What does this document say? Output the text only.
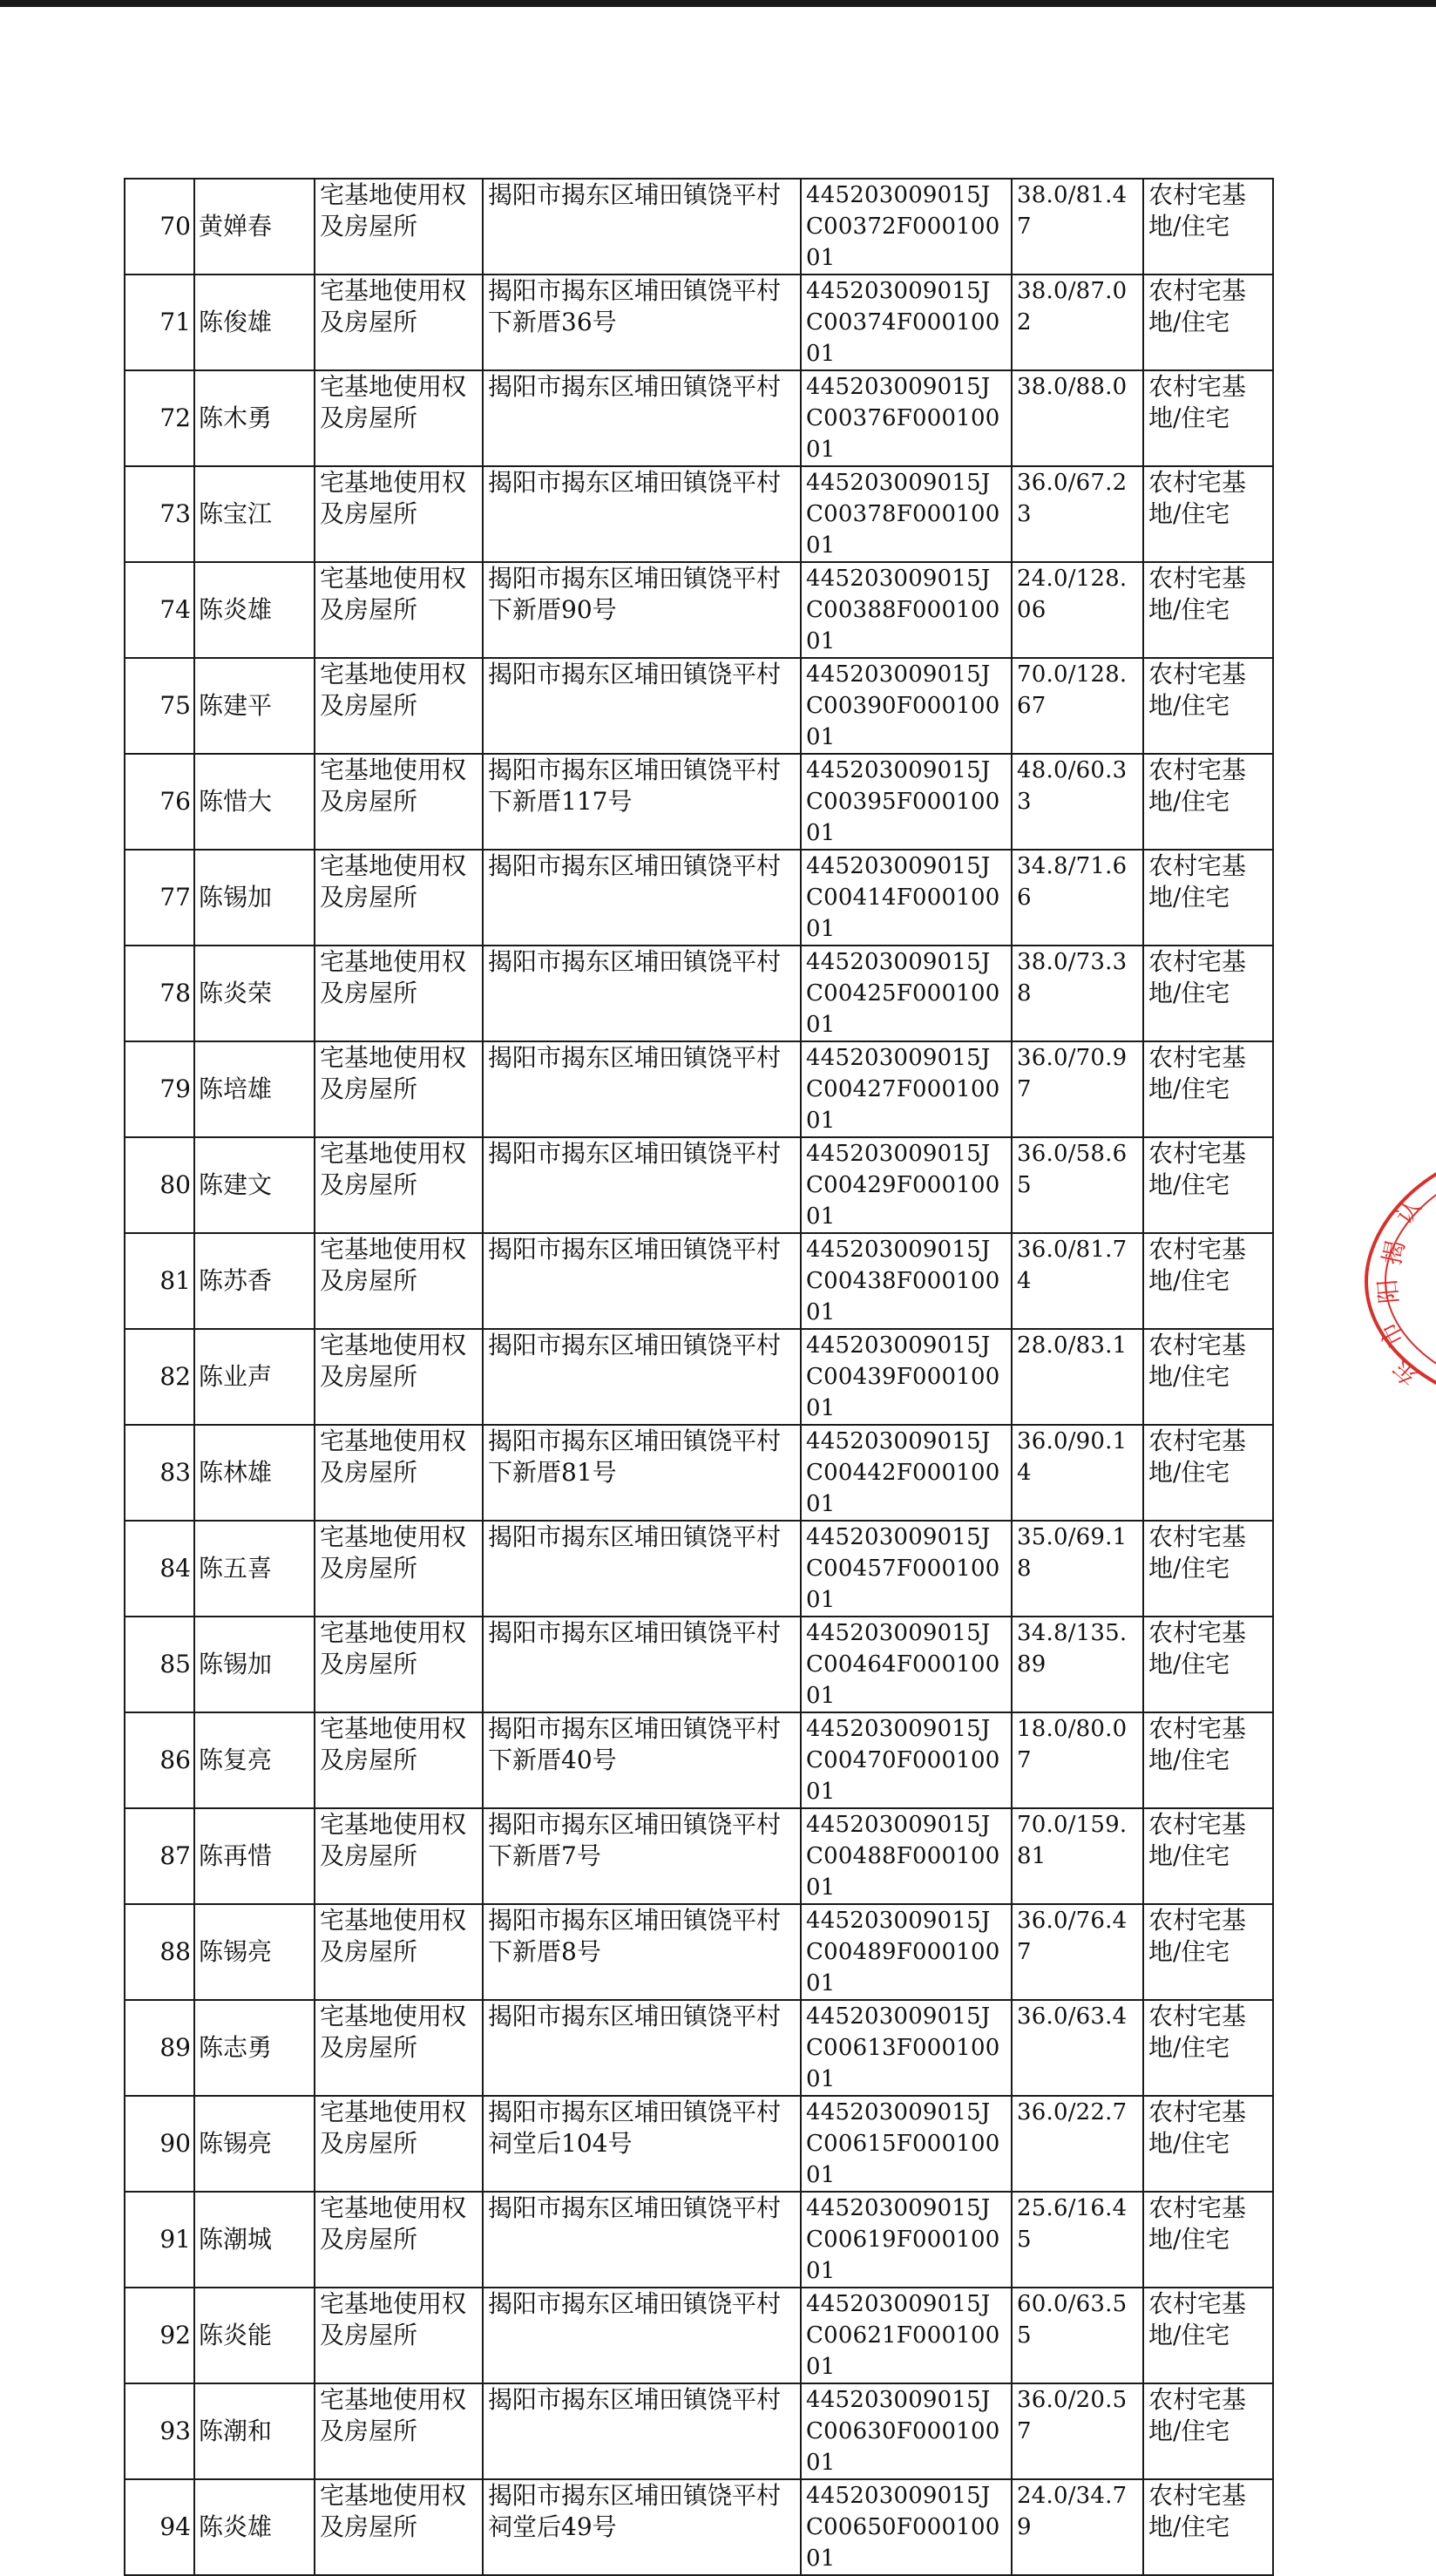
70	黄婵春	宅基地使用权及房屋所	揭阳市揭东区埔田镇饶平村	445203009015JC00372F00010001	38.0/81.47	农村宅基地/住宅
71	陈俊雄	宅基地使用权及房屋所	揭阳市揭东区埔田镇饶平村下新厝36号	445203009015JC00374F00010001	38.0/87.02	农村宅基地/住宅
72	陈木勇	宅基地使用权及房屋所	揭阳市揭东区埔田镇饶平村	445203009015JC00376F00010001	38.0/88.0	农村宅基地/住宅
73	陈宝江	宅基地使用权及房屋所	揭阳市揭东区埔田镇饶平村	445203009015JC00378F00010001	36.0/67.23	农村宅基地/住宅
74	陈炎雄	宅基地使用权及房屋所	揭阳市揭东区埔田镇饶平村下新厝90号	445203009015JC00388F00010001	24.0/128.06	农村宅基地/住宅
75	陈建平	宅基地使用权及房屋所	揭阳市揭东区埔田镇饶平村	445203009015JC00390F00010001	70.0/128.67	农村宅基地/住宅
76	陈惜大	宅基地使用权及房屋所	揭阳市揭东区埔田镇饶平村下新厝117号	445203009015JC00395F00010001	48.0/60.33	农村宅基地/住宅
77	陈锡加	宅基地使用权及房屋所	揭阳市揭东区埔田镇饶平村	445203009015JC00414F00010001	34.8/71.66	农村宅基地/住宅
78	陈炎荣	宅基地使用权及房屋所	揭阳市揭东区埔田镇饶平村	445203009015JC00425F00010001	38.0/73.38	农村宅基地/住宅
79	陈培雄	宅基地使用权及房屋所	揭阳市揭东区埔田镇饶平村	445203009015JC00427F00010001	36.0/70.97	农村宅基地/住宅
80	陈建文	宅基地使用权及房屋所	揭阳市揭东区埔田镇饶平村	445203009015JC00429F00010001	36.0/58.65	农村宅基地/住宅
81	陈苏香	宅基地使用权及房屋所	揭阳市揭东区埔田镇饶平村	445203009015JC00438F00010001	36.0/81.74	农村宅基地/住宅
82	陈业声	宅基地使用权及房屋所	揭阳市揭东区埔田镇饶平村	445203009015JC00439F00010001	28.0/83.1	农村宅基地/住宅
83	陈林雄	宅基地使用权及房屋所	揭阳市揭东区埔田镇饶平村下新厝81号	445203009015JC00442F00010001	36.0/90.14	农村宅基地/住宅
84	陈五喜	宅基地使用权及房屋所	揭阳市揭东区埔田镇饶平村	445203009015JC00457F00010001	35.0/69.18	农村宅基地/住宅
85	陈锡加	宅基地使用权及房屋所	揭阳市揭东区埔田镇饶平村	445203009015JC00464F00010001	34.8/135.89	农村宅基地/住宅
86	陈复亮	宅基地使用权及房屋所	揭阳市揭东区埔田镇饶平村下新厝40号	445203009015JC00470F00010001	18.0/80.07	农村宅基地/住宅
87	陈再惜	宅基地使用权及房屋所	揭阳市揭东区埔田镇饶平村下新厝7号	445203009015JC00488F00010001	70.0/159.81	农村宅基地/住宅
88	陈锡亮	宅基地使用权及房屋所	揭阳市揭东区埔田镇饶平村下新厝8号	445203009015JC00489F00010001	36.0/76.47	农村宅基地/住宅
89	陈志勇	宅基地使用权及房屋所	揭阳市揭东区埔田镇饶平村	445203009015JC00613F00010001	36.0/63.4	农村宅基地/住宅
90	陈锡亮	宅基地使用权及房屋所	揭阳市揭东区埔田镇饶平村祠堂后104号	445203009015JC00615F00010001	36.0/22.7	农村宅基地/住宅
91	陈潮城	宅基地使用权及房屋所	揭阳市揭东区埔田镇饶平村	445203009015JC00619F00010001	25.6/16.45	农村宅基地/住宅
92	陈炎能	宅基地使用权及房屋所	揭阳市揭东区埔田镇饶平村	445203009015JC00621F00010001	60.0/63.55	农村宅基地/住宅
93	陈潮和	宅基地使用权及房屋所	揭阳市揭东区埔田镇饶平村	445203009015JC00630F00010001	36.0/20.57	农村宅基地/住宅
94	陈炎雄	宅基地使用权及房屋所	揭阳市揭东区埔田镇饶平村祠堂后49号	445203009015JC00650F00010001	24.0/34.79	农村宅基地/住宅
认
揭
阳
市
东
